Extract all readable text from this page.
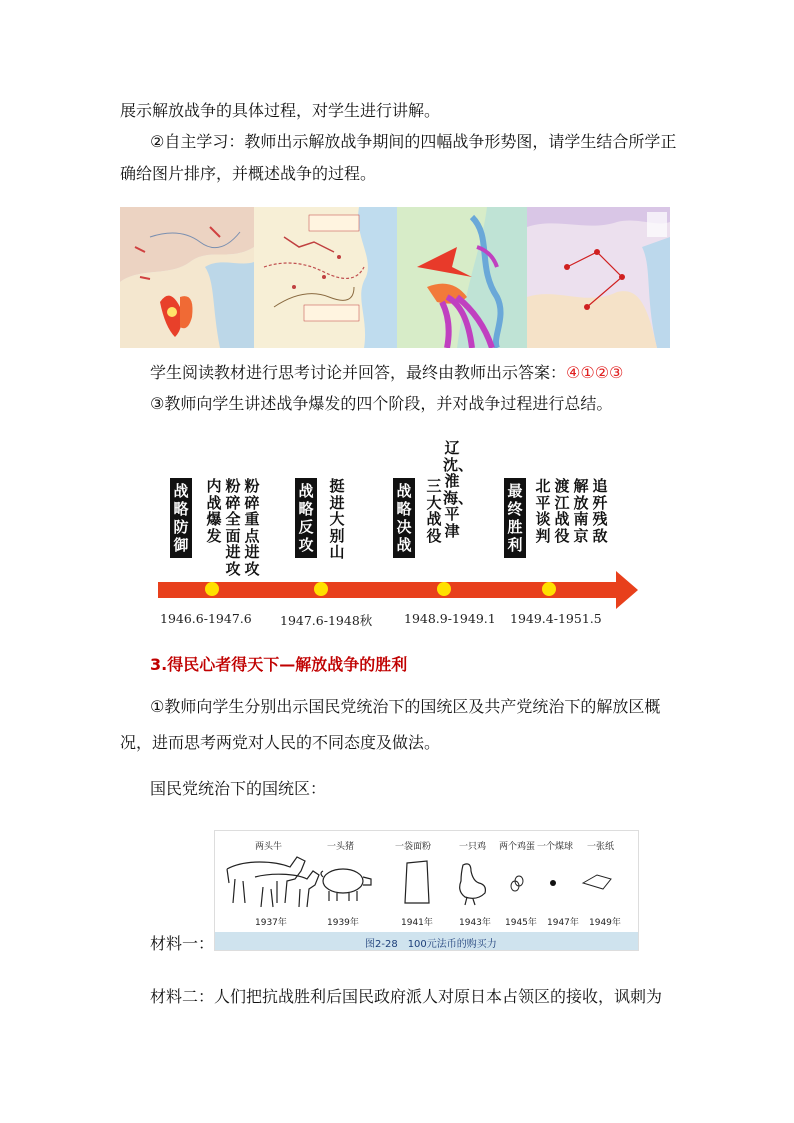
展示解放战争的具体过程，对学生进行讲解。
②自主学习：教师出示解放战争期间的四幅战争形势图，请学生结合所学正
确给图片排序，并概述战争的过程。
学生阅读教材进行思考讨论并回答，最终由教师出示答案：④①②③
③教师向学生讲述战争爆发的四个阶段，并对战争过程进行总结。
战略防御
内战爆发
粉碎全面进攻
粉碎重点进攻
1946.6-1947.6
战略反攻
挺进大别山
1947.6-1948秋
战略决战
三大战役
辽沈、淮海、平津
1948.9-1949.1
最终胜利
北平谈判
渡江战役
解放南京
追歼残敌
1949.4-1951.5
3.得民心者得天下—解放战争的胜利
①教师向学生分别出示国民党统治下的国统区及共产党统治下的解放区概
况，进而思考两党对人民的不同态度及做法。
国民党统治下的国统区：
两头牛	一头猪	一袋面粉	一只鸡 两个鸡蛋 一个煤球 一张纸
1937年	1939年	1941年	1943年 1945年 1947年 1949年
图2-28　100元法币的购买力
材料一：
材料二：人们把抗战胜利后国民政府派人对原日本占领区的接收，讽刺为
